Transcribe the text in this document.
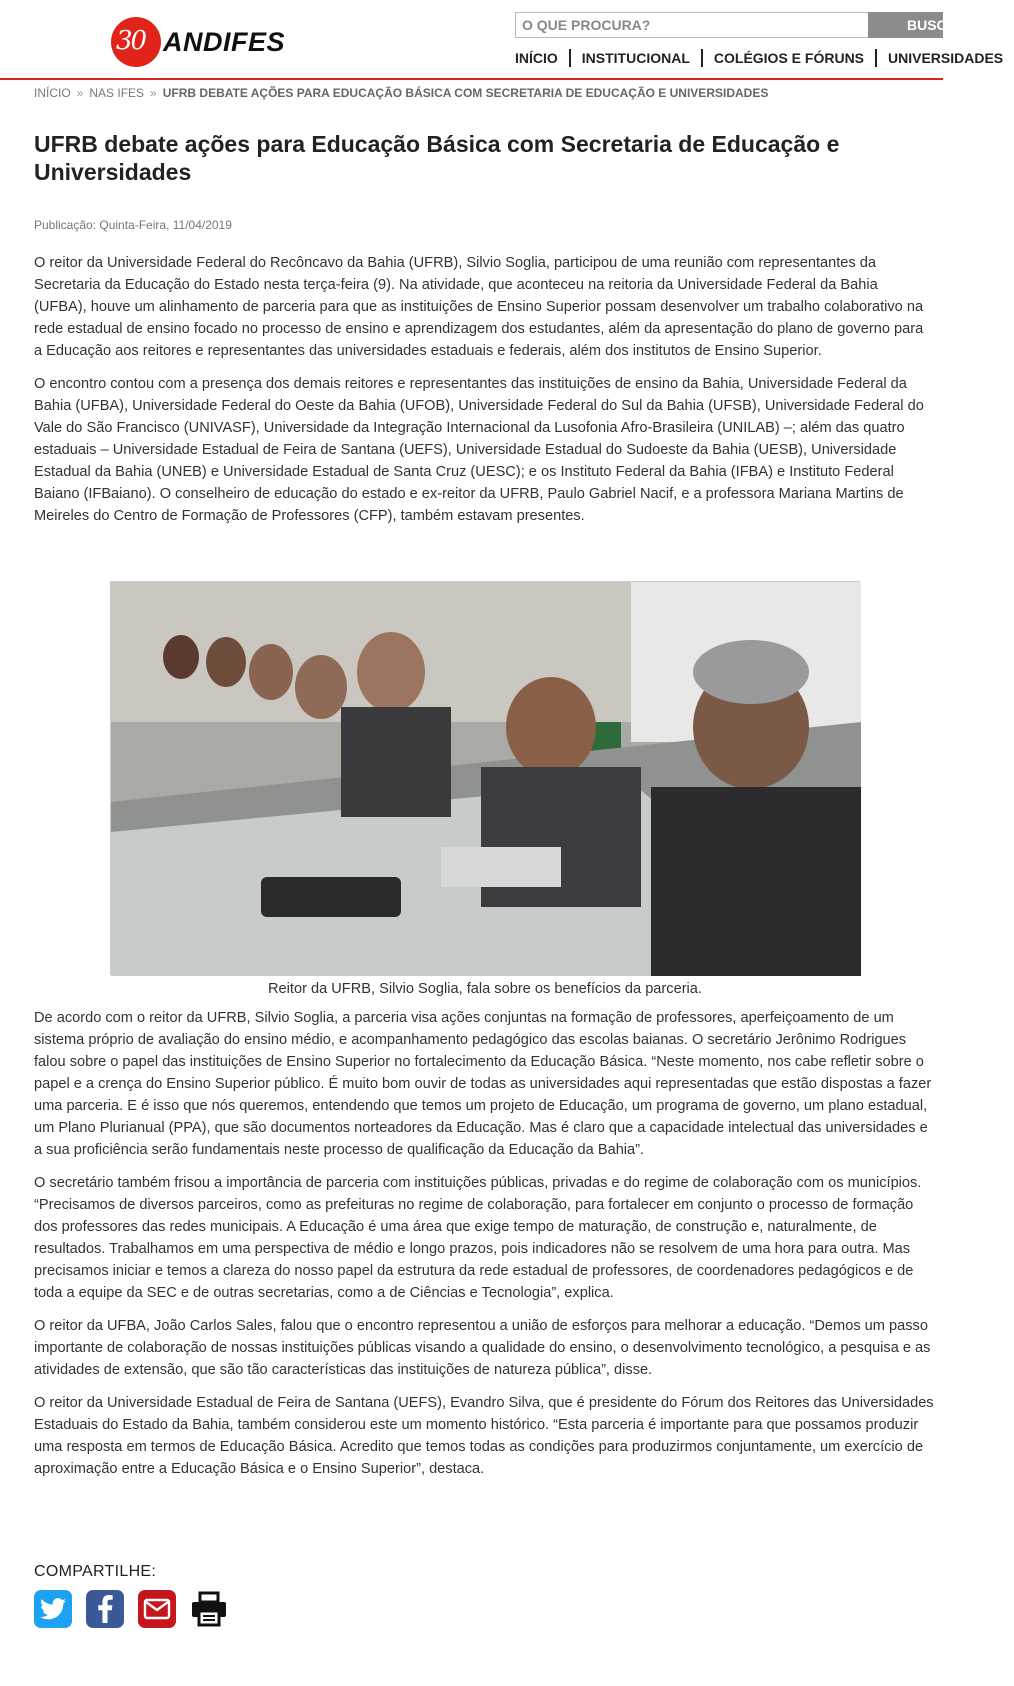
30 ANDIFES
O QUE PROCURA?
BUSCAR
INÍCIO	INSTITUCIONAL	COLÉGIOS E FÓRUNS	UNIVERSIDADES
INÍCIO » NAS IFES » UFRB DEBATE AÇÕES PARA EDUCAÇÃO BÁSICA COM SECRETARIA DE EDUCAÇÃO E UNIVERSIDADES
UFRB debate ações para Educação Básica com Secretaria de Educação e Universidades
Publicação: Quinta-Feira, 11/04/2019

O reitor da Universidade Federal do Recôncavo da Bahia (UFRB), Silvio Soglia, participou de uma reunião com representantes da Secretaria da Educação do Estado nesta terça-feira (9). Na atividade, que aconteceu na reitoria da Universidade Federal da Bahia (UFBA), houve um alinhamento de parceria para que as instituições de Ensino Superior possam desenvolver um trabalho colaborativo na rede estadual de ensino focado no processo de ensino e aprendizagem dos estudantes, além da apresentação do plano de governo para a Educação aos reitores e representantes das universidades estaduais e federais, além dos institutos de Ensino Superior.

O encontro contou com a presença dos demais reitores e representantes das instituições de ensino da Bahia, Universidade Federal da Bahia (UFBA), Universidade Federal do Oeste da Bahia (UFOB), Universidade Federal do Sul da Bahia (UFSB), Universidade Federal do Vale do São Francisco (UNIVASF), Universidade da Integração Internacional da Lusofonia Afro-Brasileira (UNILAB) –; além das quatro estaduais – Universidade Estadual de Feira de Santana (UEFS), Universidade Estadual do Sudoeste da Bahia (UESB), Universidade Estadual da Bahia (UNEB) e Universidade Estadual de Santa Cruz (UESC); e os Instituto Federal da Bahia (IFBA) e Instituto Federal Baiano (IFBaiano). O conselheiro de educação do estado e ex-reitor da UFRB, Paulo Gabriel Nacif, e a professora Mariana Martins de Meireles do Centro de Formação de Professores (CFP), também estavam presentes.

Reitor da UFRB, Silvio Soglia, fala sobre os benefícios da parceria.

De acordo com o reitor da UFRB, Silvio Soglia, a parceria visa ações conjuntas na formação de professores, aperfeiçoamento de um sistema próprio de avaliação do ensino médio, e acompanhamento pedagógico das escolas baianas. O secretário Jerônimo Rodrigues falou sobre o papel das instituições de Ensino Superior no fortalecimento da Educação Básica. “Neste momento, nos cabe refletir sobre o papel e a crença do Ensino Superior público. É muito bom ouvir de todas as universidades aqui representadas que estão dispostas a fazer uma parceria. E é isso que nós queremos, entendendo que temos um projeto de Educação, um programa de governo, um plano estadual, um Plano Plurianual (PPA), que são documentos norteadores da Educação. Mas é claro que a capacidade intelectual das universidades e a sua proficiência serão fundamentais neste processo de qualificação da Educação da Bahia”.

O secretário também frisou a importância de parceria com instituições públicas, privadas e do regime de colaboração com os municípios. “Precisamos de diversos parceiros, como as prefeituras no regime de colaboração, para fortalecer em conjunto o processo de formação dos professores das redes municipais. A Educação é uma área que exige tempo de maturação, de construção e, naturalmente, de resultados. Trabalhamos em uma perspectiva de médio e longo prazos, pois indicadores não se resolvem de uma hora para outra. Mas precisamos iniciar e temos a clareza do nosso papel da estrutura da rede estadual de professores, de coordenadores pedagógicos e de toda a equipe da SEC e de outras secretarias, como a de Ciências e Tecnologia”, explica.

O reitor da UFBA, João Carlos Sales, falou que o encontro representou a união de esforços para melhorar a educação. “Demos um passo importante de colaboração de nossas instituições públicas visando a qualidade do ensino, o desenvolvimento tecnológico, a pesquisa e as atividades de extensão, que são tão características das instituições de natureza pública”, disse.

O reitor da Universidade Estadual de Feira de Santana (UEFS), Evandro Silva, que é presidente do Fórum dos Reitores das Universidades Estaduais do Estado da Bahia, também considerou este um momento histórico. “Esta parceria é importante para que possamos produzir uma resposta em termos de Educação Básica. Acredito que temos todas as condições para produzirmos conjuntamente, um exercício de aproximação entre a Educação Básica e o Ensino Superior”, destaca.

COMPARTILHE:
